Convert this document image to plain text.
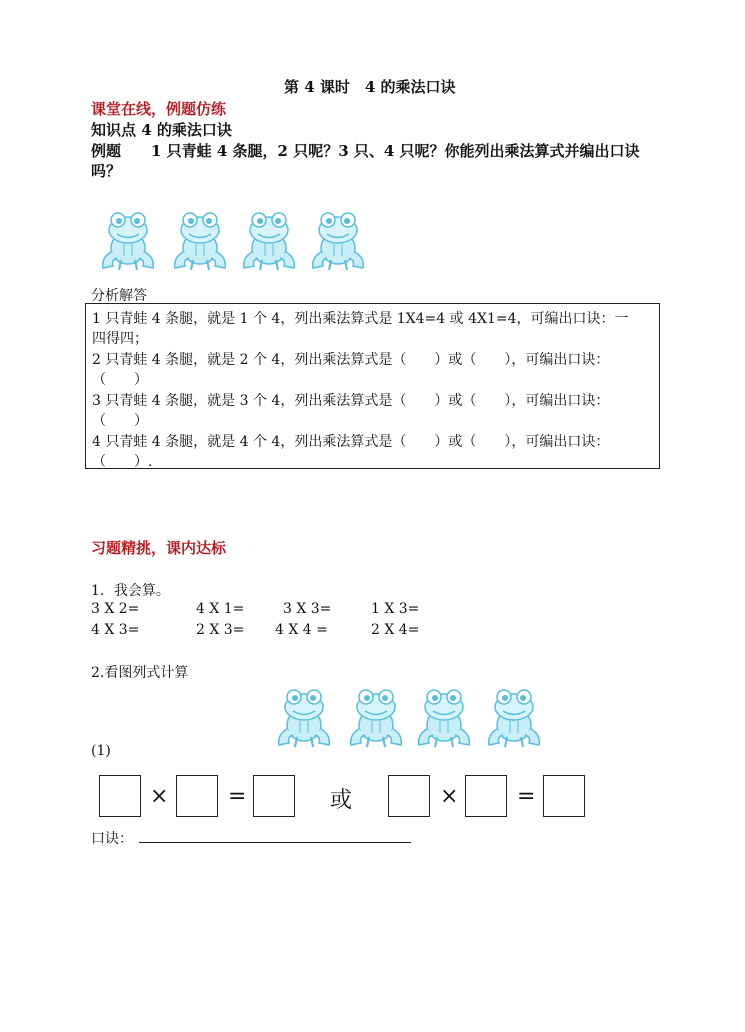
第 4 课时　4 的乘法口诀
课堂在线，例题仿练
知识点 4 的乘法口诀
例题　　1 只青蛙 4 条腿，2 只呢？3 只、4 只呢？你能列出乘法算式并编出口诀
吗？
分析解答
1 只青蛙 4 条腿，就是 1 个 4，列出乘法算式是 1X4=4 或 4X1=4，可编出口诀：一
四得四；
2 只青蛙 4 条腿，就是 2 个 4，列出乘法算式是（　　）或（　　），可编出口诀：
（　　）
3 只青蛙 4 条腿，就是 3 个 4，列出乘法算式是（　　）或（　　），可编出口诀：
（　　）
4 只青蛙 4 条腿，就是 4 个 4，列出乘法算式是（　　）或（　　），可编出口诀：
（　　）.
习题精挑，课内达标
1．我会算。
3 X 2=	4 X 1=	3 X 3=	1 X 3=
4 X 3=	2 X 3= 4 X 4 =	2 X 4=
2.看图列式计算
(1)
×	=	或	×	=
口诀：
